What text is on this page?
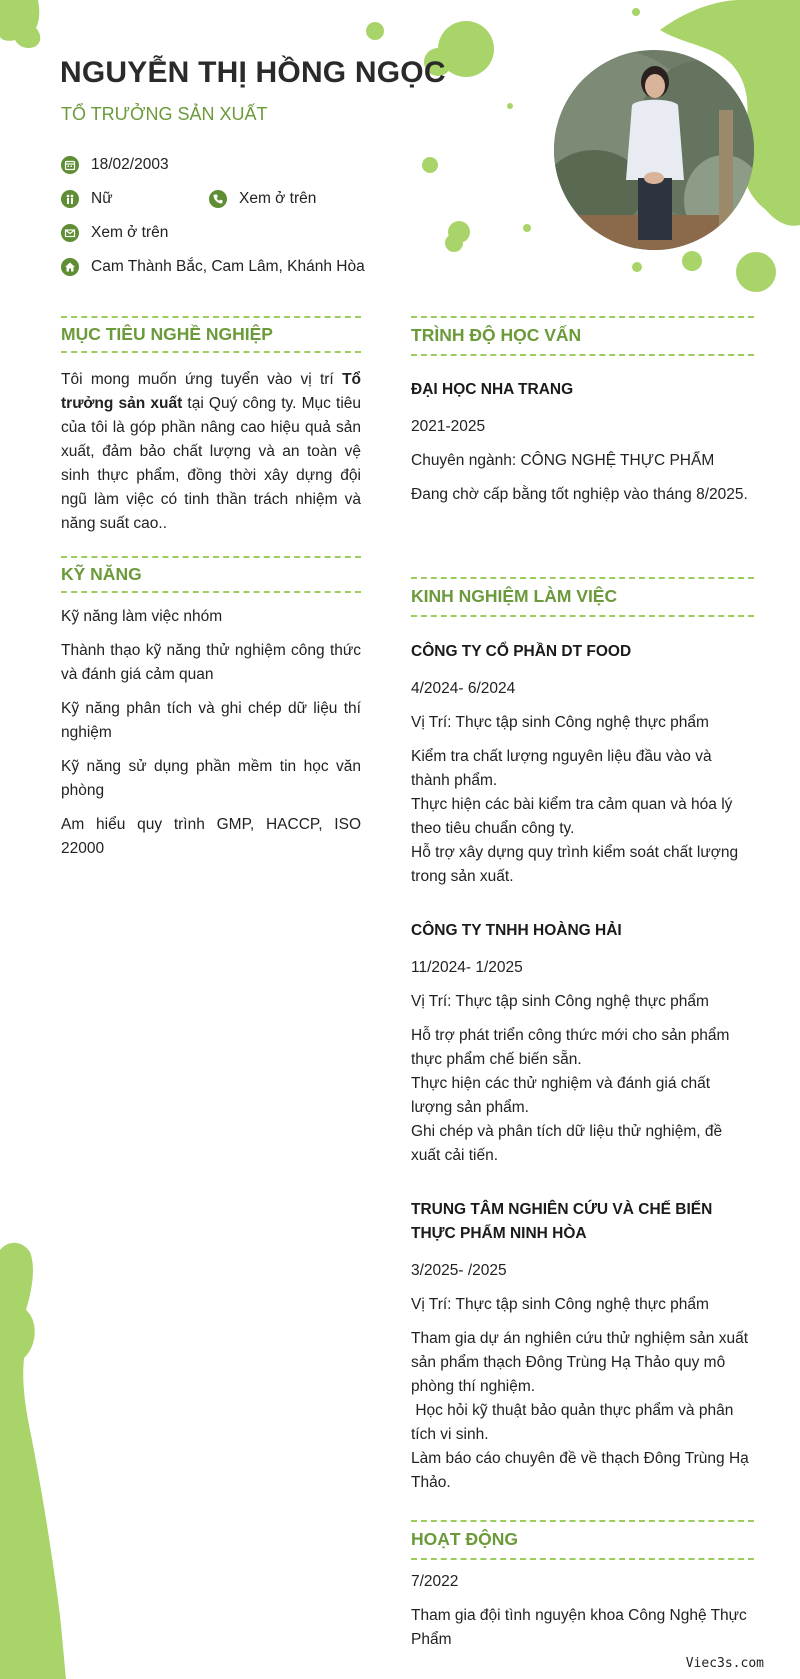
NGUYỄN THỊ HỒNG NGỌC
TỔ TRƯỞNG SẢN XUẤT
18/02/2003
Nữ	Xem ở trên
Xem ở trên
Cam Thành Bắc, Cam Lâm, Khánh Hòa
MỤC TIÊU NGHỀ NGHIỆP

Tôi mong muốn ứng tuyển vào vị trí Tổ trưởng sản xuất tại Quý công ty. Mục tiêu của tôi là góp phần nâng cao hiệu quả sản xuất, đảm bảo chất lượng và an toàn vệ sinh thực phẩm, đồng thời xây dựng đội ngũ làm việc có tinh thần trách nhiệm và năng suất cao..

KỸ NĂNG

Kỹ năng làm việc nhóm

Thành thạo kỹ năng thử nghiệm công thức và đánh giá cảm quan

Kỹ năng phân tích và ghi chép dữ liệu thí nghiệm

Kỹ năng sử dụng phần mềm tin học văn phòng

Am hiểu quy trình GMP, HACCP, ISO 22000

TRÌNH ĐỘ HỌC VẤN

ĐẠI HỌC NHA TRANG

2021-2025

Chuyên ngành: CÔNG NGHỆ THỰC PHẨM

Đang chờ cấp bằng tốt nghiệp vào tháng 8/2025.

KINH NGHIỆM LÀM VIỆC

CÔNG TY CỔ PHẦN DT FOOD

4/2024- 6/2024

Vị Trí: Thực tập sinh Công nghệ thực phẩm

Kiểm tra chất lượng nguyên liệu đầu vào và thành phẩm.

Thực hiện các bài kiểm tra cảm quan và hóa lý theo tiêu chuẩn công ty.

Hỗ trợ xây dựng quy trình kiểm soát chất lượng trong sản xuất.

CÔNG TY TNHH HOÀNG HẢI

11/2024- 1/2025

Vị Trí: Thực tập sinh Công nghệ thực phẩm

Hỗ trợ phát triển công thức mới cho sản phẩm thực phẩm chế biến sẵn.

Thực hiện các thử nghiệm và đánh giá chất lượng sản phẩm.

Ghi chép và phân tích dữ liệu thử nghiệm, đề xuất cải tiến.

TRUNG TÂM NGHIÊN CỨU VÀ CHẾ BIẾN THỰC PHẨM NINH HÒA

3/2025- /2025

Vị Trí: Thực tập sinh Công nghệ thực phẩm

Tham gia dự án nghiên cứu thử nghiệm sản xuất sản phẩm thạch Đông Trùng Hạ Thảo quy mô phòng thí nghiệm.

Học hỏi kỹ thuật bảo quản thực phẩm và phân tích vi sinh.

Làm báo cáo chuyên đề về thạch Đông Trùng Hạ Thảo.

HOẠT ĐỘNG

7/2022

Tham gia đội tình nguyện khoa Công Nghệ Thực Phẩm

Viec3s.com
